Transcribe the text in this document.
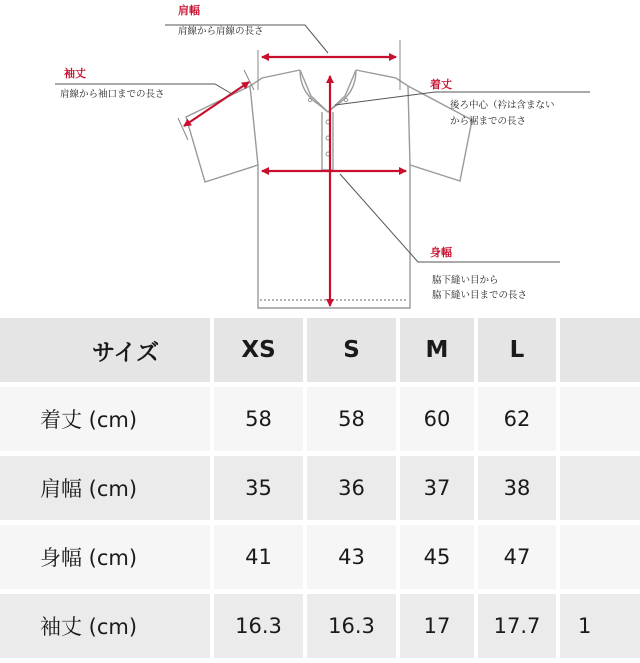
肩幅
肩線から肩線の長さ
袖丈
肩線から袖口までの長さ
着丈
後ろ中心（衿は含まない
から裾までの長さ
身幅
脇下縫い目から
脇下縫い目までの長さ
サイズ	XS	S	M	L	
着丈 (cm)	58	58	60	62	
肩幅 (cm)	35	36	37	38	
身幅 (cm)	41	43	45	47	
袖丈 (cm)	16.3	16.3	17	17.7	1
